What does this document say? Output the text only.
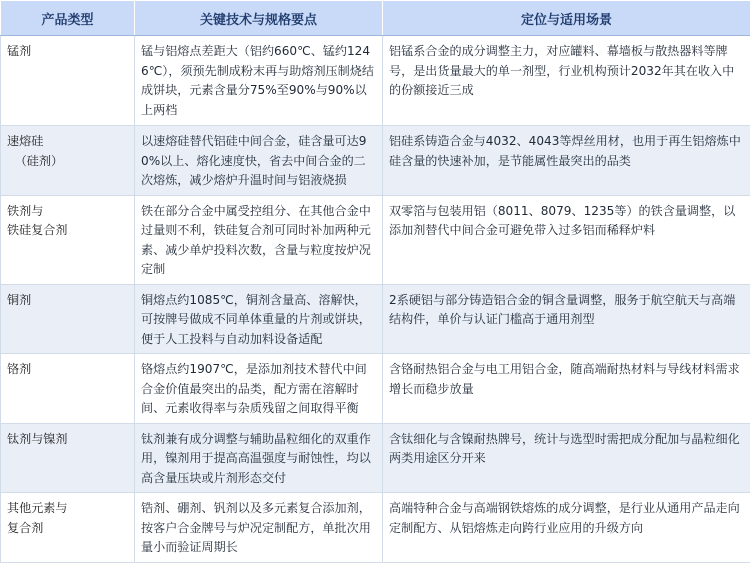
产品类型	关键技术与规格要点	定位与适用场景
锰剂	锰与铝熔点差距大（铝约660℃、锰约1246℃），须预先制成粉末再与助熔剂压制烧结成饼块，元素含量分75%至90%与90%以上两档	铝锰系合金的成分调整主力，对应罐料、幕墙板与散热器料等牌号，是出货量最大的单一剂型，行业机构预计2032年其在收入中的份额接近三成
速熔硅
（硅剂）	以速熔硅替代铝硅中间合金，硅含量可达90%以上、熔化速度快，省去中间合金的二次熔炼，减少熔炉升温时间与铝液烧损	铝硅系铸造合金与4032、4043等焊丝用材，也用于再生铝熔炼中硅含量的快速补加，是节能属性最突出的品类
铁剂与
铁硅复合剂	铁在部分合金中属受控组分、在其他合金中过量则不利，铁硅复合剂可同时补加两种元素、减少单炉投料次数，含量与粒度按炉况定制	双零箔与包装用铝（8011、8079、1235等）的铁含量调整，以添加剂替代中间合金可避免带入过多铝而稀释炉料
铜剂	铜熔点约1085℃，铜剂含量高、溶解快，可按牌号做成不同单体重量的片剂或饼块，便于人工投料与自动加料设备适配	2系硬铝与部分铸造铝合金的铜含量调整，服务于航空航天与高端结构件，单价与认证门槛高于通用剂型
铬剂	铬熔点约1907℃，是添加剂技术替代中间合金价值最突出的品类，配方需在溶解时间、元素收得率与杂质残留之间取得平衡	含铬耐热铝合金与电工用铝合金，随高端耐热材料与导线材料需求增长而稳步放量
钛剂与镍剂	钛剂兼有成分调整与辅助晶粒细化的双重作用，镍剂用于提高高温强度与耐蚀性，均以高含量压块或片剂形态交付	含钛细化与含镍耐热牌号，统计与选型时需把成分配加与晶粒细化两类用途区分开来
其他元素与
复合剂	锆剂、硼剂、钒剂以及多元素复合添加剂，按客户合金牌号与炉况定制配方，单批次用量小而验证周期长	高端特种合金与高端钢铁熔炼的成分调整，是行业从通用产品走向定制配方、从铝熔炼走向跨行业应用的升级方向
